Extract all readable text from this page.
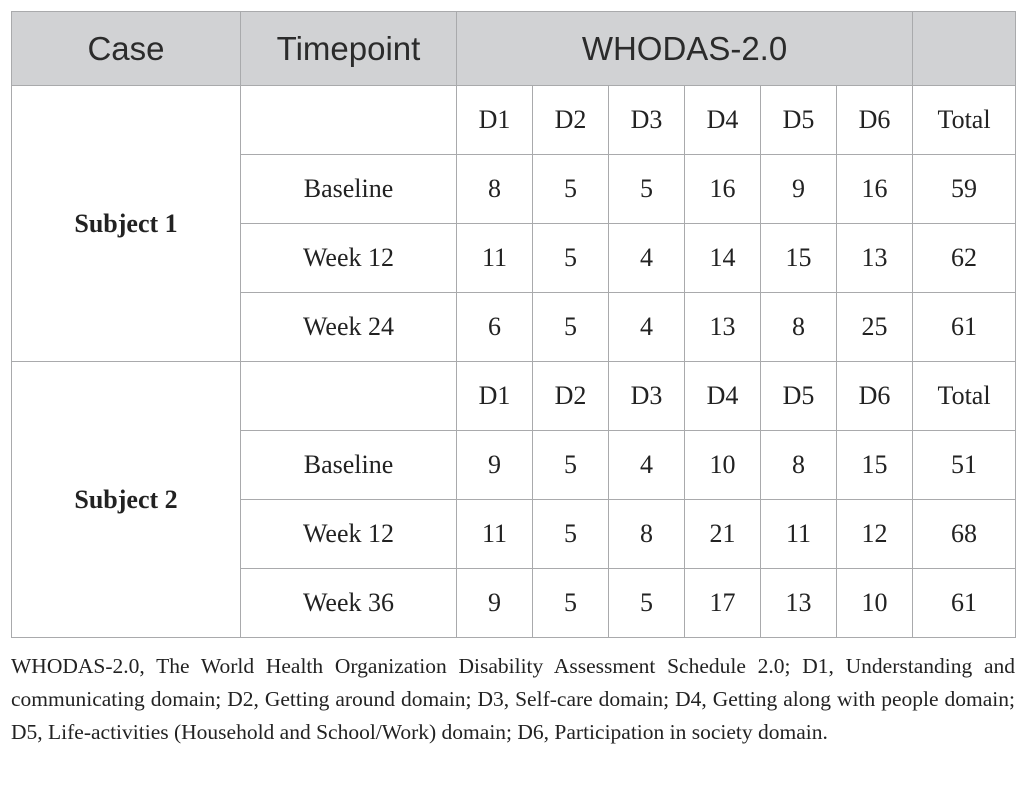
Case	Timepoint	WHODAS-2.0						
Subject 1		D1	D2	D3	D4	D5	D6	Total
	Baseline	8	5	5	16	9	16	59
	Week 12	11	5	4	14	15	13	62
	Week 24	6	5	4	13	8	25	61
Subject 2		D1	D2	D3	D4	D5	D6	Total
	Baseline	9	5	4	10	8	15	51
	Week 12	11	5	8	21	11	12	68
	Week 36	9	5	5	17	13	10	61

WHODAS-2.0, The World Health Organization Disability Assessment Schedule 2.0; D1, Understanding and communicating domain; D2, Getting around domain; D3, Self-care domain; D4, Getting along with people domain; D5, Life-activities (Household and School/Work) domain; D6, Participation in society domain.
